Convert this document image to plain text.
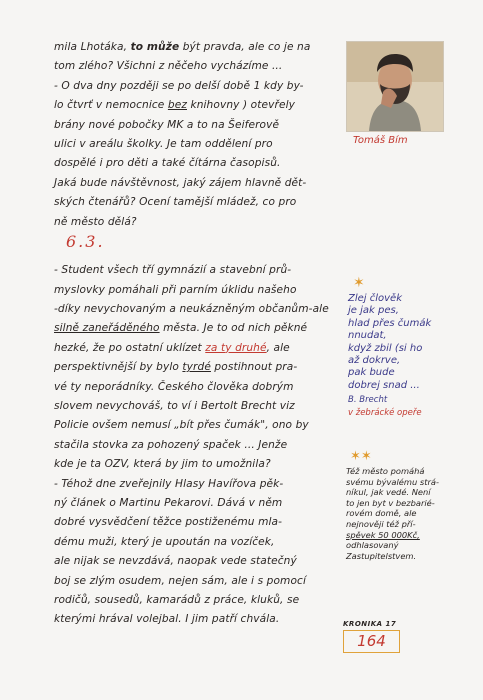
mila Lhotáka, to může být pravda, ale co je na
tom zlého? Všichni z něčeho vycházíme ...
- O dva dny později se po delší době 1 kdy by-
lo čtvrť v nemocnice bez knihovny ) otevřely
brány nové pobočky MK a to na Šeiferově
ulici v areálu školky. Je tam oddělení pro
dospělé i pro děti a také čítárna časopisů.
Jaká bude návštěvnost, jaký zájem hlavně dět-
ských čtenářů? Ocení tamější mládež, co pro
ně město dělá?
- Student všech tří gymnázií a stavební prů-
myslovky pomáhali při parním úklidu našeho
-díky nevychovaným a neukázněným občanům-ale
silně zaneřáděného města. Je to od nich pěkné
hezké, že po ostatní uklízet za ty druhé, ale
perspektivnější by bylo tyrdé postihnout pra-
vé ty neporádníky. Českého člověka dobrým
slovem nevychováš, to ví i Bertolt Brecht viz
Policie ovšem nemusí „bít přes čumák", ono by
stačila stovka za pohozený spaček ... Jenže
kde je ta OZV, která by jim to umožnila?
- Téhož dne zveřejnily Hlasy Havířova pěk-
ný článek o Martinu Pekarovi. Dává v něm
dobré vysvědčení těžce postiženému mla-
dému muži, který je upoután na vozíček,
ale nijak se nevzdává, naopak vede statečný
boj se zlým osudem, nejen sám, ale i s pomocí
rodičů, sousedů, kamarádů z práce, kluků, se
kterými hrával volejbal. I jim patří chvála.
6.3.
Tomáš Bím
✶
Zlej člověk
je jak pes,
hlad přes čumák
nnudat,
když zbil (si ho
až dokrve,
pak bude
dobrej snad ...
B. Brecht
v žebrácké opeře
✶✶
Též město pomáhá
svému bývalému strá-
níkul, jak vedé. Není
to jen byt v bezbarié-
rovém domě, ale
nejnověji též pří-
spěvek 50 000Kč,
odhlasovaný
Zastupitelstvem.
KRONIKA 17
164
